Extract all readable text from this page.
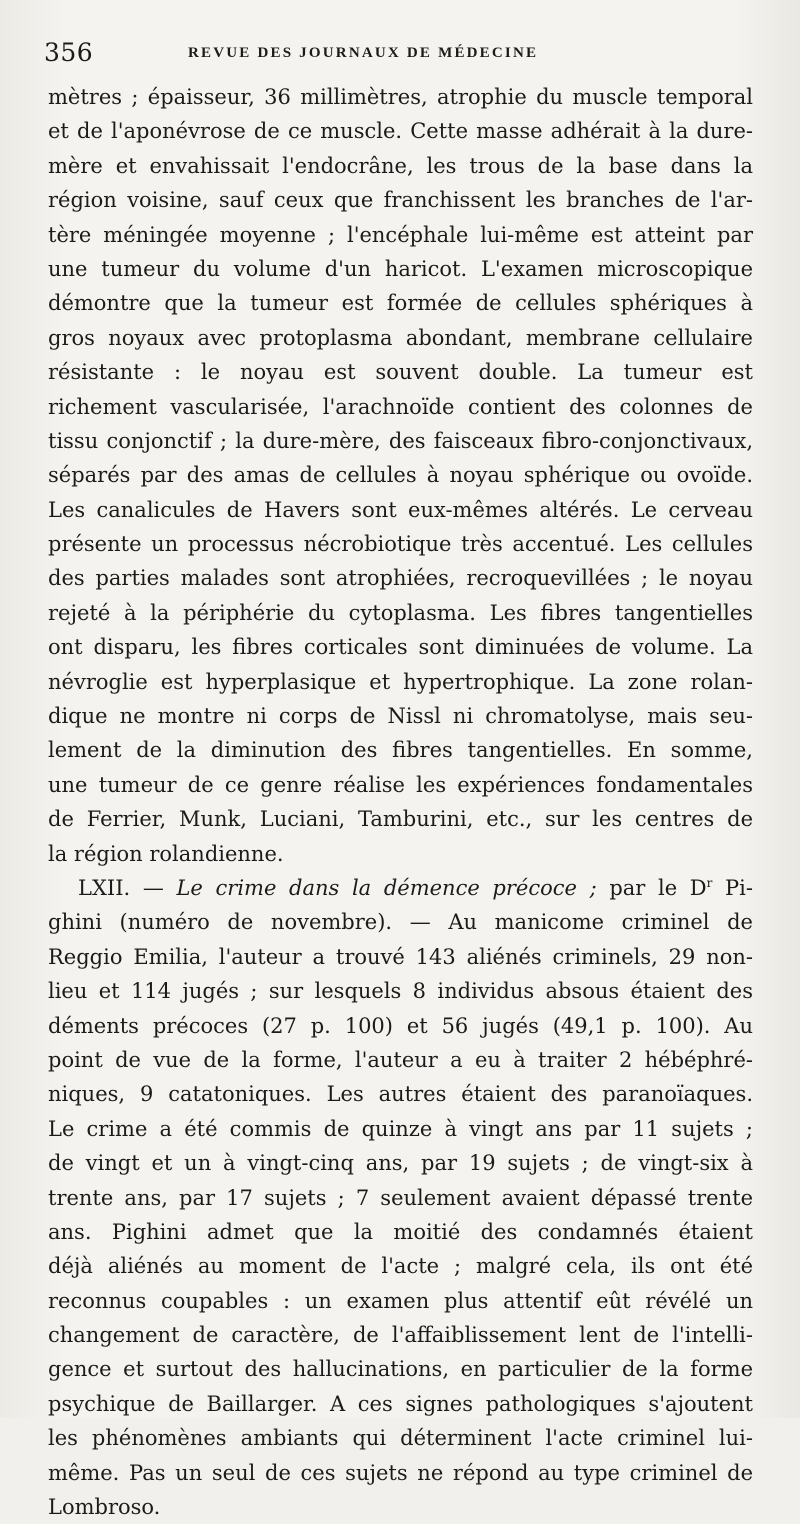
356	REVUE DES JOURNAUX DE MÉDECINE
mètres ; épaisseur, 36 millimètres, atrophie du muscle temporal
et de l'aponévrose de ce muscle. Cette masse adhérait à la dure-
mère et envahissait l'endocrâne, les trous de la base dans la
région voisine, sauf ceux que franchissent les branches de l'ar-
tère méningée moyenne ; l'encéphale lui-même est atteint par
une tumeur du volume d'un haricot. L'examen microscopique
démontre que la tumeur est formée de cellules sphériques à
gros noyaux avec protoplasma abondant, membrane cellulaire
résistante : le noyau est souvent double. La tumeur est
richement vascularisée, l'arachnoïde contient des colonnes de
tissu conjonctif ; la dure-mère, des faisceaux fibro-conjonctivaux,
séparés par des amas de cellules à noyau sphérique ou ovoïde.
Les canalicules de Havers sont eux-mêmes altérés. Le cerveau
présente un processus nécrobiotique très accentué. Les cellules
des parties malades sont atrophiées, recroquevillées ; le noyau
rejeté à la périphérie du cytoplasma. Les fibres tangentielles
ont disparu, les fibres corticales sont diminuées de volume. La
névroglie est hyperplasique et hypertrophique. La zone rolan-
dique ne montre ni corps de Nissl ni chromatolyse, mais seu-
lement de la diminution des fibres tangentielles. En somme,
une tumeur de ce genre réalise les expériences fondamentales
de Ferrier, Munk, Luciani, Tamburini, etc., sur les centres de
la région rolandienne.
LXII. — Le crime dans la démence précoce ; par le $D^r$ Pi-
ghini (numéro de novembre). — Au manicome criminel de
Reggio Emilia, l'auteur a trouvé 143 aliénés criminels, 29 non-
lieu et 114 jugés ; sur lesquels 8 individus absous étaient des
déments précoces (27 p. 100) et 56 jugés (49,1 p. 100). Au
point de vue de la forme, l'auteur a eu à traiter 2 hébéphré-
niques, 9 catatoniques. Les autres étaient des paranoïaques.
Le crime a été commis de quinze à vingt ans par 11 sujets ;
de vingt et un à vingt-cinq ans, par 19 sujets ; de vingt-six à
trente ans, par 17 sujets ; 7 seulement avaient dépassé trente
ans. Pighini admet que la moitié des condamnés étaient
déjà aliénés au moment de l'acte ; malgré cela, ils ont été
reconnus coupables : un examen plus attentif eût révélé un
changement de caractère, de l'affaiblissement lent de l'intelli-
gence et surtout des hallucinations, en particulier de la forme
psychique de Baillarger. A ces signes pathologiques s'ajoutent
les phénomènes ambiants qui déterminent l'acte criminel lui-
même. Pas un seul de ces sujets ne répond au type criminel de
Lombroso.
